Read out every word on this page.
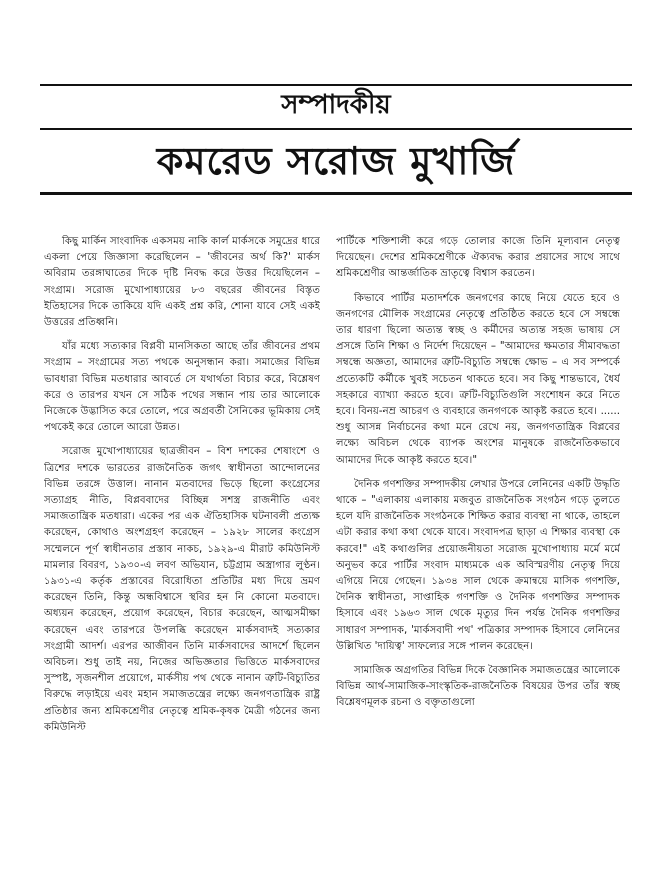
সম্পাদকীয়
কমরেড সরোজ মুখার্জি

কিছু মার্কিন সাংবাদিক একসময় নাকি কার্ল মার্কসকে সমুদ্রের ধারে একলা পেয়ে জিজ্ঞাসা করেছিলেন – 'জীবনের অর্থ কি?' মার্কস অবিরাম তরঙ্গাঘাতের দিকে দৃষ্টি নিবদ্ধ করে উত্তর দিয়েছিলেন – সংগ্রাম। সরোজ মুখোপাধ্যায়ের ৮৩ বছরের জীবনের বিস্তৃত ইতিহাসের দিকে তাকিয়ে যদি একই প্রশ্ন করি, শোনা যাবে সেই একই উত্তরের প্রতিধ্বনি।

যাঁর মধ্যে সত্যকার বিপ্লবী মানসিকতা আছে তাঁর জীবনের প্রথম সংগ্রাম – সংগ্রামের সত্য পথকে অনুসন্ধান করা। সমাজের বিভিন্ন ভাবধারা বিভিন্ন মতধারার আবর্তে সে যথার্থতা বিচার করে, বিশ্লেষণ করে ও তারপর যখন সে সঠিক পথের সন্ধান পায় তার আলোকে নিজেকে উদ্ভাসিত করে তোলে, পরে অগ্রবর্তী সৈনিকের ভূমিকায় সেই পথকেই করে তোলে আরো উন্নত।

সরোজ মুখোপাধ্যায়ের ছাত্রজীবন – বিশ দশকের শেষাংশে ও ত্রিশের দশকে ভারতের রাজনৈতিক জগৎ স্বাধীনতা আন্দোলনের বিভিন্ন তরঙ্গে উত্তাল। নানান মতবাদের ভিড়ে ছিলো কংগ্রেসের সত্যাগ্রহ নীতি, বিপ্লববাদের বিচ্ছিন্ন সশস্ত্র রাজনীতি এবং সমাজতান্ত্রিক মতধারা। একের পর এক ঐতিহাসিক ঘটনাবলী প্রত্যক্ষ করেছেন, কোথাও অংশগ্রহণ করেছেন – ১৯২৮ সালের কংগ্রেস সম্মেলনে পূর্ণ স্বাধীনতার প্রস্তাব নাকচ, ১৯২৯-এ মীরাট কমিউনিস্ট মামলার বিবরণ, ১৯৩০-এ লবণ অভিযান, চট্টগ্রাম অস্ত্রাগার লুণ্ঠন। ১৯৩১-এ কর্তৃক প্রস্তাবের বিরোধিতা প্রতিটির মধ্য দিয়ে ভ্রমণ করেছেন তিনি, কিন্তু অন্ধবিশ্বাসে স্থবির হন নি কোনো মতবাদে। অধ্যয়ন করেছেন, প্রয়োগ করেছেন, বিচার করেছেন, আত্মসমীক্ষা করেছেন এবং তারপরে উপলব্ধি করেছেন মার্কসবাদই সত্যকার সংগ্রামী আদর্শ। এরপর আজীবন তিনি মার্কসবাদের আদর্শে ছিলেন অবিচল। শুধু তাই নয়, নিজের অভিজ্ঞতার ভিত্তিতে মার্কসবাদের সুস্পষ্ট, সৃজনশীল প্রয়োগে, মার্কসীয় পথ থেকে নানান ত্রুটি-বিচ্যুতির বিরুদ্ধে লড়াইয়ে এবং মহান সমাজতন্ত্রের লক্ষ্যে জনগণতান্ত্রিক রাষ্ট্র প্রতিষ্ঠার জন্য শ্রমিকশ্রেণীর নেতৃত্বে শ্রমিক-কৃষক মৈত্রী গঠনের জন্য কমিউনিস্ট

পার্টিকে শক্তিশালী করে গড়ে তোলার কাজে তিনি মূল্যবান নেতৃত্ব দিয়েছেন। দেশের শ্রমিকশ্রেণীকে ঐক্যবদ্ধ করার প্রয়াসের সাথে সাথে শ্রমিকশ্রেণীর আন্তর্জাতিক ভ্রাতৃত্বে বিশ্বাস করতেন।

কিভাবে পার্টির মতাদর্শকে জনগণের কাছে নিয়ে যেতে হবে ও জনগণের মৌলিক সংগ্রামের নেতৃত্বে প্রতিষ্ঠিত করতে হবে সে সম্বন্ধে তার ধারণা ছিলো অত্যন্ত স্বচ্ছ ও কর্মীদের অত্যন্ত সহজ ভাষায় সে প্রসঙ্গে তিনি শিক্ষা ও নির্দেশ দিয়েছেন – "আমাদের ক্ষমতার সীমাবদ্ধতা সম্বন্ধে অজ্ঞতা, আমাদের ত্রুটি-বিচ্যুতি সম্বন্ধে ক্ষোভ – এ সব সম্পর্কে প্রত্যেকটি কর্মীকে খুবই সচেতন থাকতে হবে। সব কিছু শান্তভাবে, ধৈর্য সহকারে ব্যাখ্যা করতে হবে। ত্রুটি-বিচ্যুতিগুলি সংশোধন করে নিতে হবে। বিনয়-নম্র আচরণ ও ব্যবহারে জনগণকে আকৃষ্ট করতে হবে। ...... শুধু আসন্ন নির্বাচনের কথা মনে রেখে নয়, জনগণতান্ত্রিক বিপ্লবের লক্ষ্যে অবিচল থেকে ব্যাপক অংশের মানুষকে রাজনৈতিকভাবে আমাদের দিকে আকৃষ্ট করতে হবে।"

দৈনিক গণশক্তির সম্পাদকীয় লেখার উপরে লেনিনের একটি উদ্ধৃতি থাকে – "এলাকায় এলাকায় মজবুত রাজনৈতিক সংগঠন গড়ে তুলতে হলে যদি রাজনৈতিক সংগঠনকে শিক্ষিত করার ব্যবস্থা না থাকে, তাহলে এটা করার কথা কথা থেকে যাবে। সংবাদপত্র ছাড়া এ শিক্ষার ব্যবস্থা কে করবে!" এই কথাগুলির প্রয়োজনীয়তা সরোজ মুখোপাধ্যায় মর্মে মর্মে অনুভব করে পার্টির সংবাদ মাধ্যমকে এক অবিস্মরণীয় নেতৃত্ব দিয়ে এগিয়ে নিয়ে গেছেন। ১৯৩৪ সাল থেকে ক্রমান্বয়ে মাসিক গণশক্তি, দৈনিক স্বাধীনতা, সাপ্তাহিক গণশক্তি ও দৈনিক গণশক্তির সম্পাদক হিসাবে এবং ১৯৬৩ সাল থেকে মৃত্যুর দিন পর্যন্ত দৈনিক গণশক্তির সাধারণ সম্পাদক, 'মার্কসবাদী পথ' পত্রিকার সম্পাদক হিসাবে লেনিনের উল্লিখিত 'দায়িত্ব' সাফল্যের সঙ্গে পালন করেছেন।

সামাজিক অগ্রগতির বিভিন্ন দিকে বৈজ্ঞানিক সমাজতন্ত্রের আলোকে বিভিন্ন আর্থ-সামাজিক-সাংস্কৃতিক-রাজনৈতিক বিষয়ের উপর তাঁর স্বচ্ছ বিশ্লেষণমূলক রচনা ও বক্তৃতাগুলো
